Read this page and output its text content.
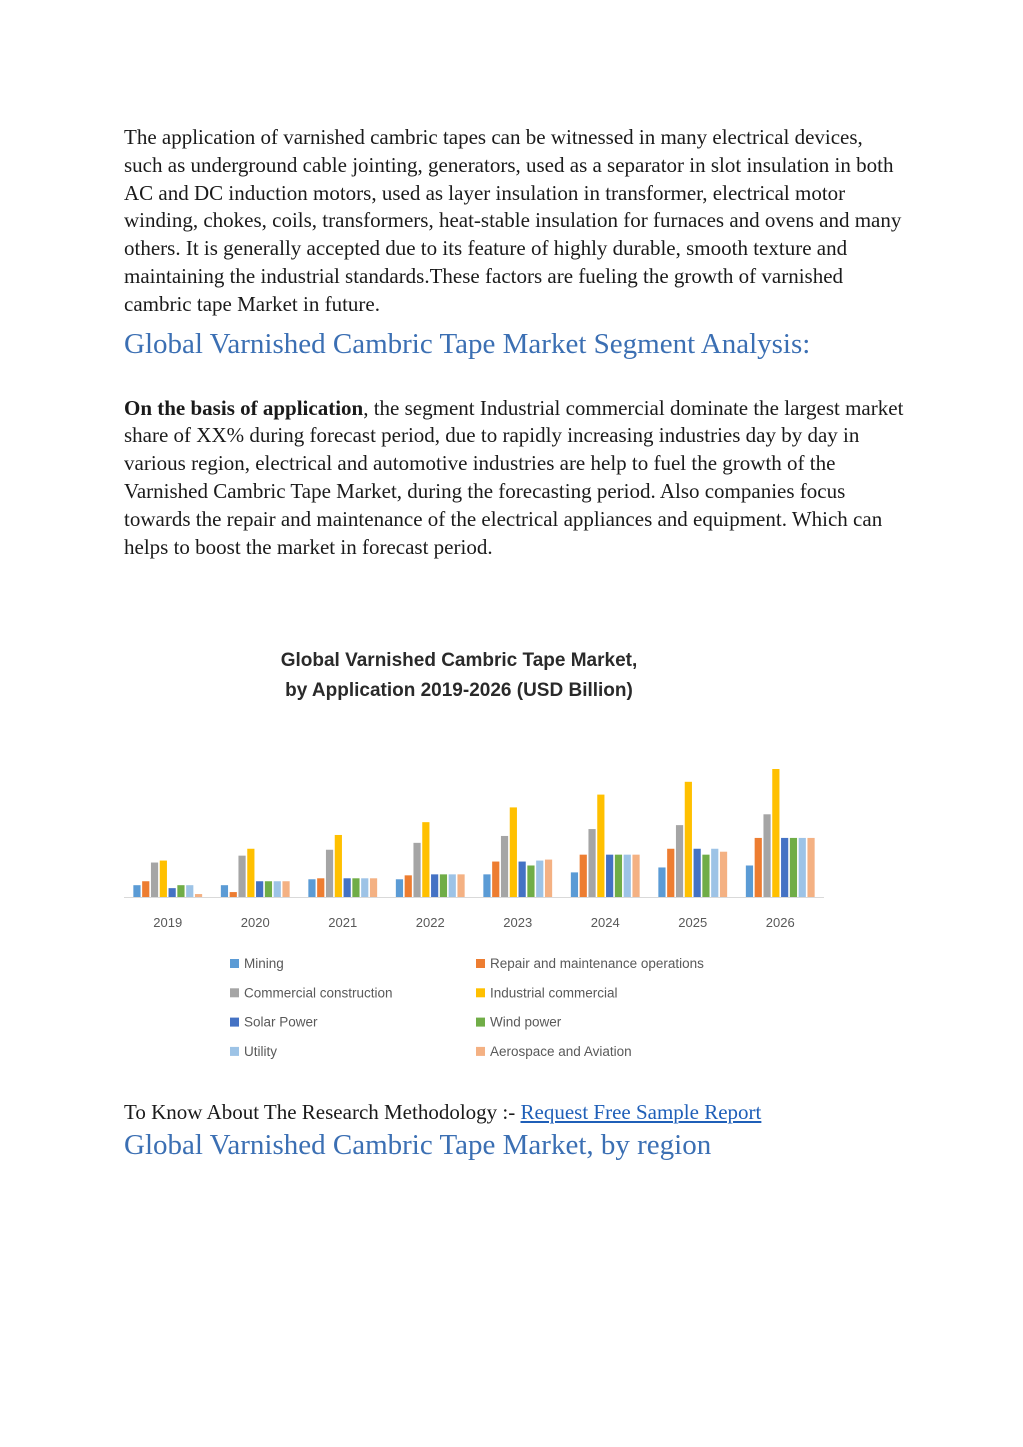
The application of varnished cambric tapes can be witnessed in many electrical devices, such as underground cable jointing, generators, used as a separator in slot insulation in both AC and DC induction motors, used as layer insulation in transformer, electrical motor winding, chokes, coils, transformers, heat-stable insulation for furnaces and ovens and many others. It is generally accepted due to its feature of highly durable, smooth texture and maintaining the industrial standards.These factors are fueling the growth of varnished cambric tape Market in future.

Global Varnished Cambric Tape Market Segment Analysis:

On the basis of application, the segment Industrial commercial dominate the largest market share of XX% during forecast period, due to rapidly increasing industries day by day in various region, electrical and automotive industries are help to fuel the growth of the Varnished Cambric Tape Market, during the forecasting period. Also companies focus towards the repair and maintenance of the electrical appliances and equipment. Which can helps to boost the market in forecast period.

Global Varnished Cambric Tape Market,
by Application 2019-2026 (USD Billion)
2019	2020	2021	2022	2023	2024	2025	2026
Mining	Repair and maintenance operations
Commercial construction	Industrial commercial
Solar Power	Wind power
Utility	Aerospace and Aviation
To Know About The Research Methodology :- Request Free Sample Report
Global Varnished Cambric Tape Market, by region
